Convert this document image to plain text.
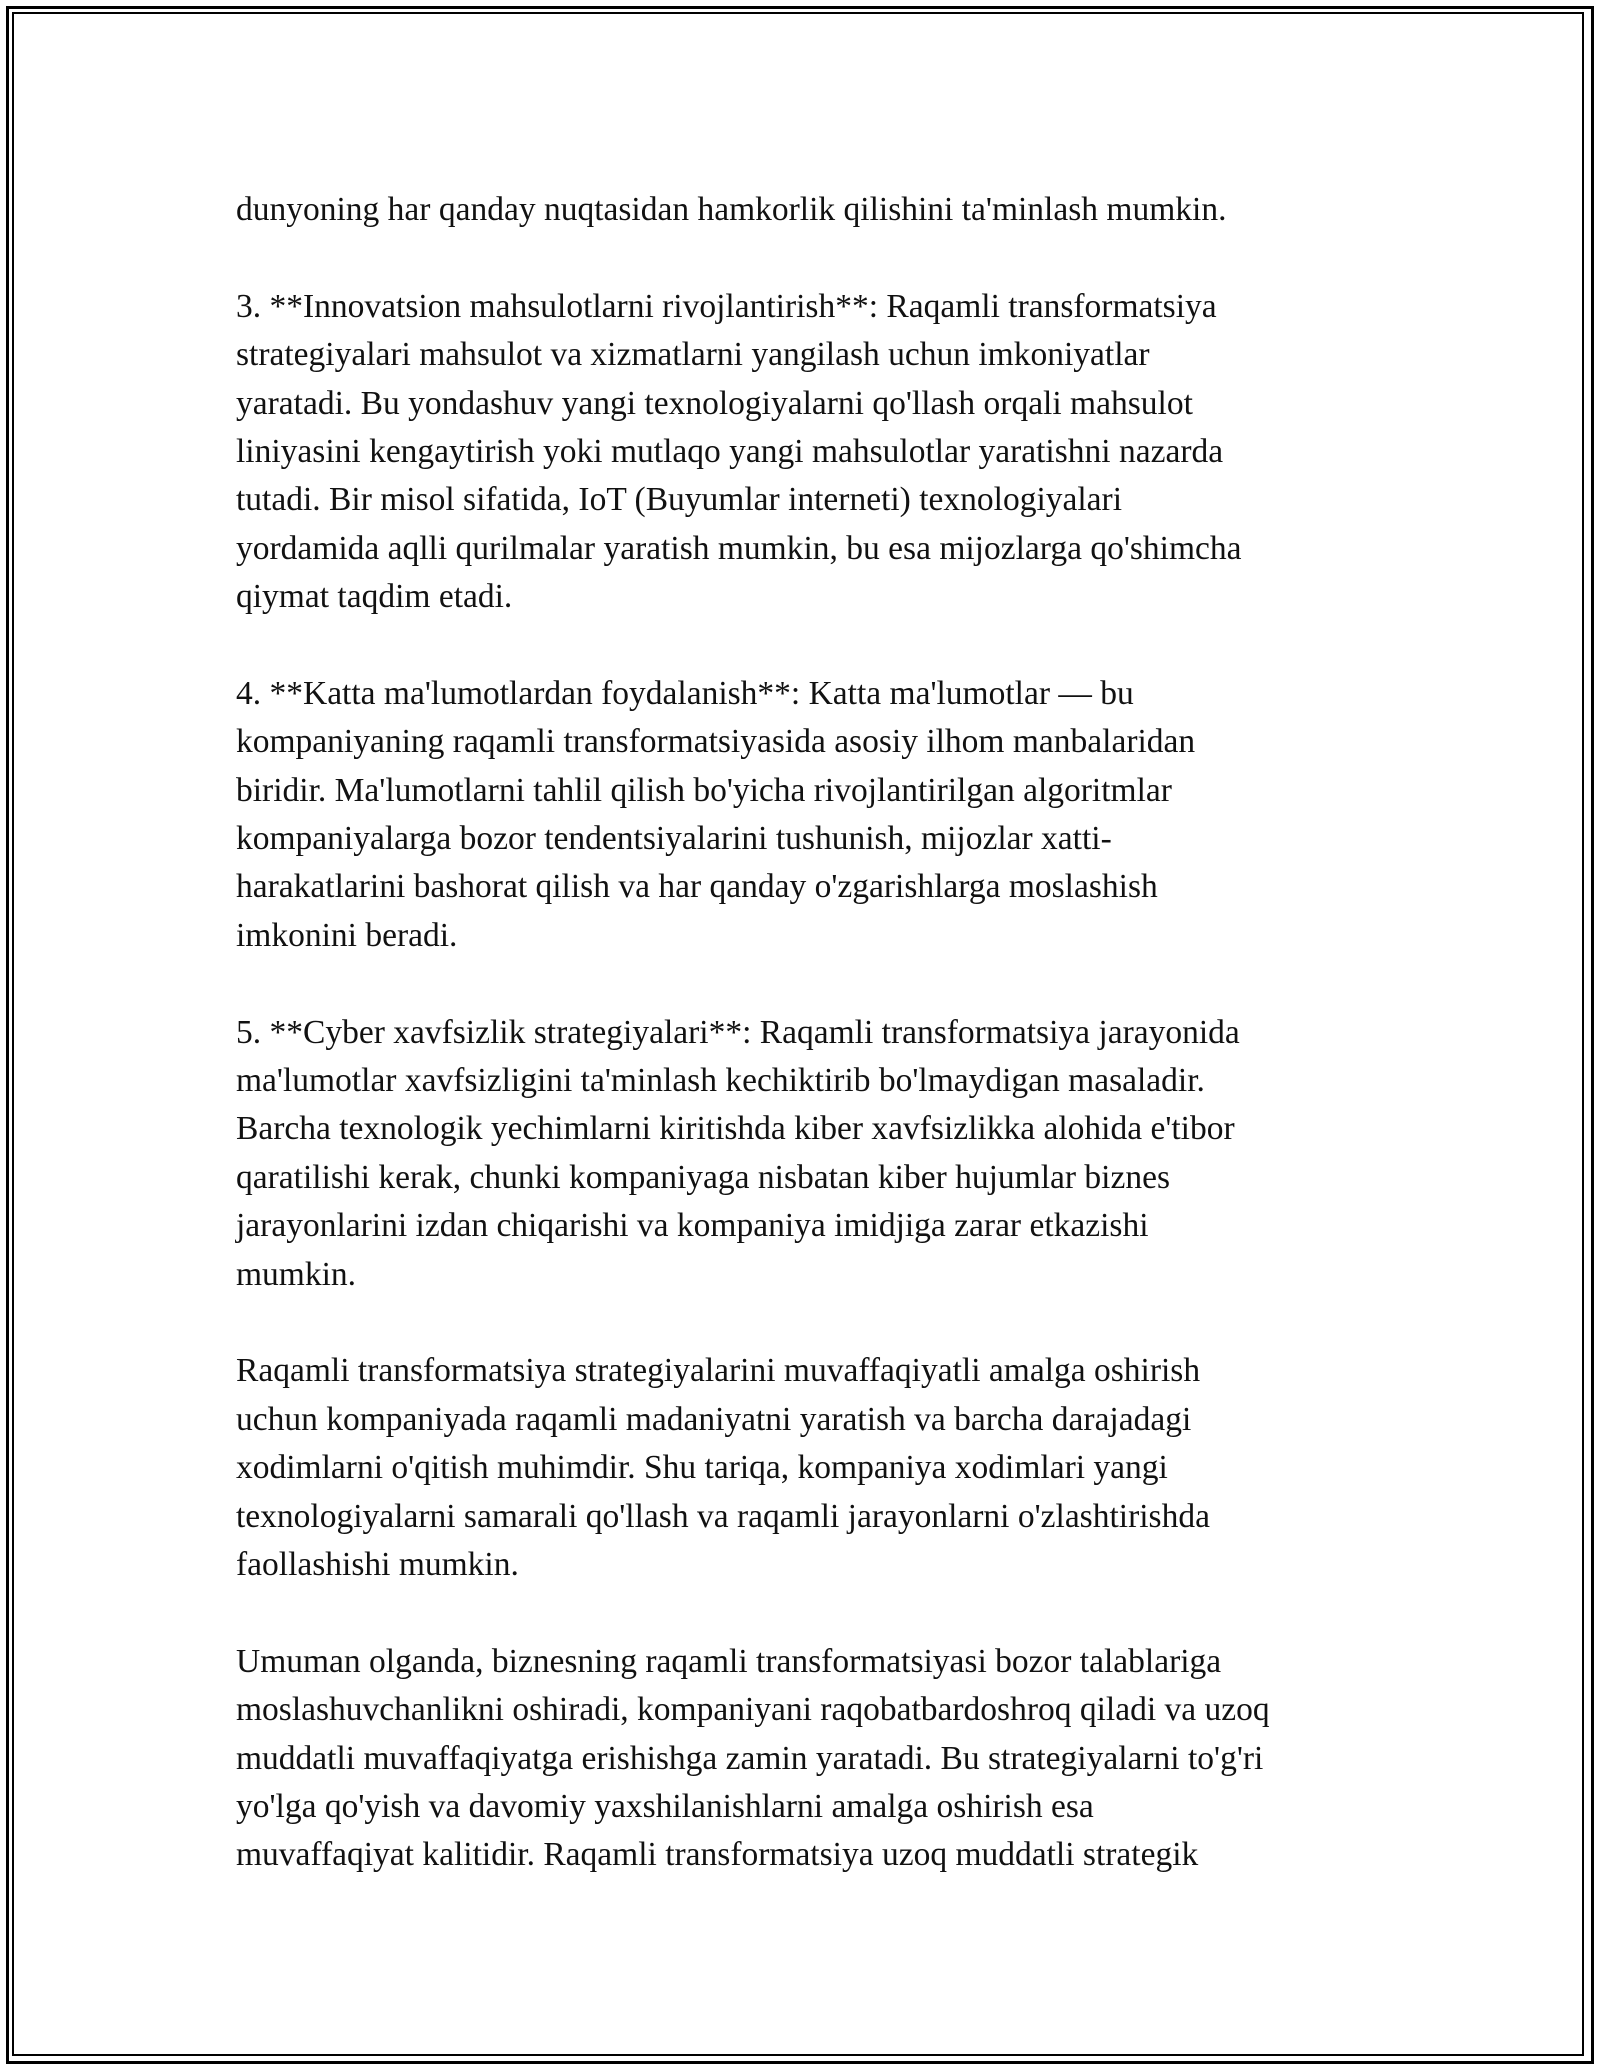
dunyoning har qanday nuqtasidan hamkorlik qilishini ta'minlash mumkin.

3. **Innovatsion mahsulotlarni rivojlantirish**: Raqamli transformatsiya
strategiyalari mahsulot va xizmatlarni yangilash uchun imkoniyatlar
yaratadi. Bu yondashuv yangi texnologiyalarni qo'llash orqali mahsulot
liniyasini kengaytirish yoki mutlaqo yangi mahsulotlar yaratishni nazarda
tutadi. Bir misol sifatida, IoT (Buyumlar interneti) texnologiyalari
yordamida aqlli qurilmalar yaratish mumkin, bu esa mijozlarga qo'shimcha
qiymat taqdim etadi.

4. **Katta ma'lumotlardan foydalanish**: Katta ma'lumotlar — bu
kompaniyaning raqamli transformatsiyasida asosiy ilhom manbalaridan
biridir. Ma'lumotlarni tahlil qilish bo'yicha rivojlantirilgan algoritmlar
kompaniyalarga bozor tendentsiyalarini tushunish, mijozlar xatti-
harakatlarini bashorat qilish va har qanday o'zgarishlarga moslashish
imkonini beradi.

5. **Cyber xavfsizlik strategiyalari**: Raqamli transformatsiya jarayonida
ma'lumotlar xavfsizligini ta'minlash kechiktirib bo'lmaydigan masaladir.
Barcha texnologik yechimlarni kiritishda kiber xavfsizlikka alohida e'tibor
qaratilishi kerak, chunki kompaniyaga nisbatan kiber hujumlar biznes
jarayonlarini izdan chiqarishi va kompaniya imidjiga zarar etkazishi
mumkin.

Raqamli transformatsiya strategiyalarini muvaffaqiyatli amalga oshirish
uchun kompaniyada raqamli madaniyatni yaratish va barcha darajadagi
xodimlarni o'qitish muhimdir. Shu tariqa, kompaniya xodimlari yangi
texnologiyalarni samarali qo'llash va raqamli jarayonlarni o'zlashtirishda
faollashishi mumkin.

Umuman olganda, biznesning raqamli transformatsiyasi bozor talablariga
moslashuvchanlikni oshiradi, kompaniyani raqobatbardoshroq qiladi va uzoq
muddatli muvaffaqiyatga erishishga zamin yaratadi. Bu strategiyalarni to'g'ri
yo'lga qo'yish va davomiy yaxshilanishlarni amalga oshirish esa
muvaffaqiyat kalitidir. Raqamli transformatsiya uzoq muddatli strategik
